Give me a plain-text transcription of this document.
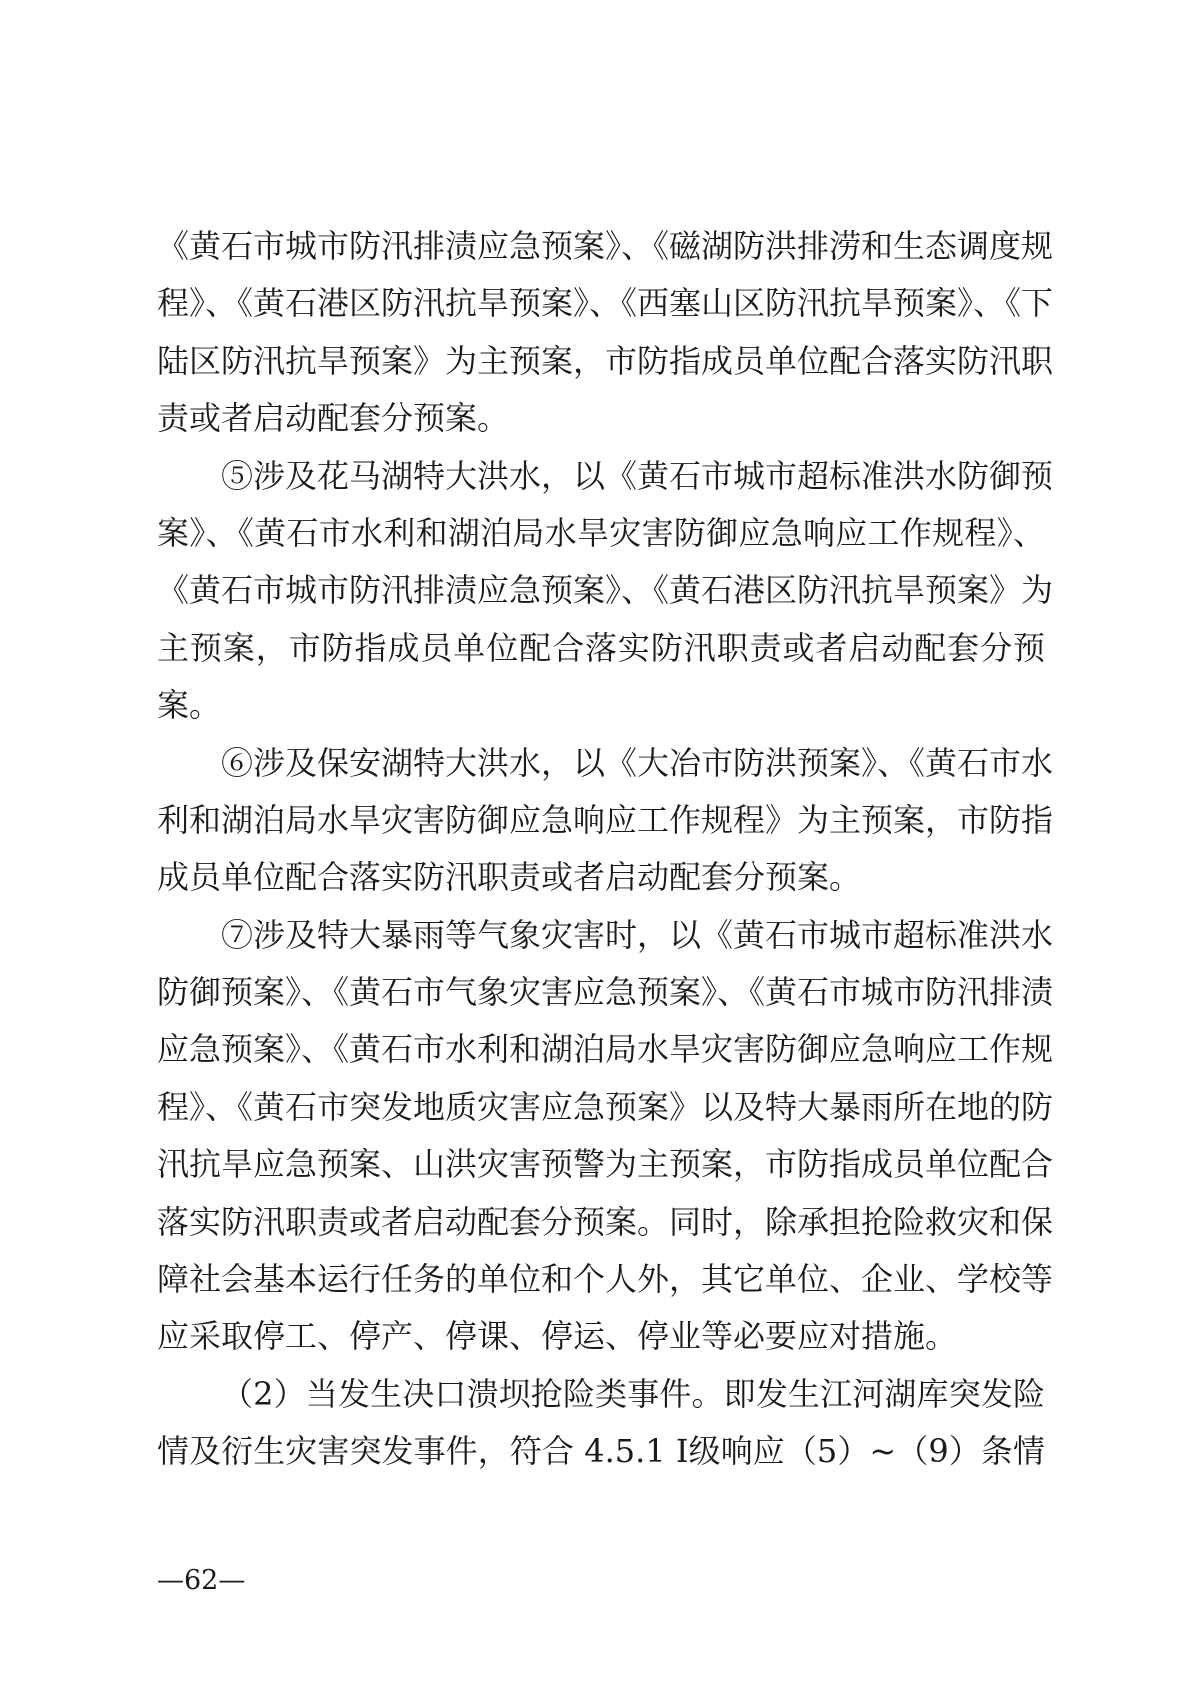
《黄石市城市防汛排渍应急预案》、《磁湖防洪排涝和生态调度规
程》、《黄石港区防汛抗旱预案》、《西塞山区防汛抗旱预案》、《下
陆区防汛抗旱预案》为主预案，市防指成员单位配合落实防汛职
责或者启动配套分预案。
⑤涉及花马湖特大洪水，以《黄石市城市超标准洪水防御预
案》、《黄石市水利和湖泊局水旱灾害防御应急响应工作规程》、
《黄石市城市防汛排渍应急预案》、《黄石港区防汛抗旱预案》为
主预案，市防指成员单位配合落实防汛职责或者启动配套分预
案。
⑥涉及保安湖特大洪水，以《大冶市防洪预案》、《黄石市水
利和湖泊局水旱灾害防御应急响应工作规程》为主预案，市防指
成员单位配合落实防汛职责或者启动配套分预案。
⑦涉及特大暴雨等气象灾害时，以《黄石市城市超标准洪水
防御预案》、《黄石市气象灾害应急预案》、《黄石市城市防汛排渍
应急预案》、《黄石市水利和湖泊局水旱灾害防御应急响应工作规
程》、《黄石市突发地质灾害应急预案》以及特大暴雨所在地的防
汛抗旱应急预案、山洪灾害预警为主预案，市防指成员单位配合
落实防汛职责或者启动配套分预案。同时，除承担抢险救灾和保
障社会基本运行任务的单位和个人外，其它单位、企业、学校等
应采取停工、停产、停课、停运、停业等必要应对措施。
（2）当发生决口溃坝抢险类事件。即发生江河湖库突发险
情及衍生灾害突发事件，符合 4.5.1 Ⅰ级响应（5）~（9）条情
—62—
